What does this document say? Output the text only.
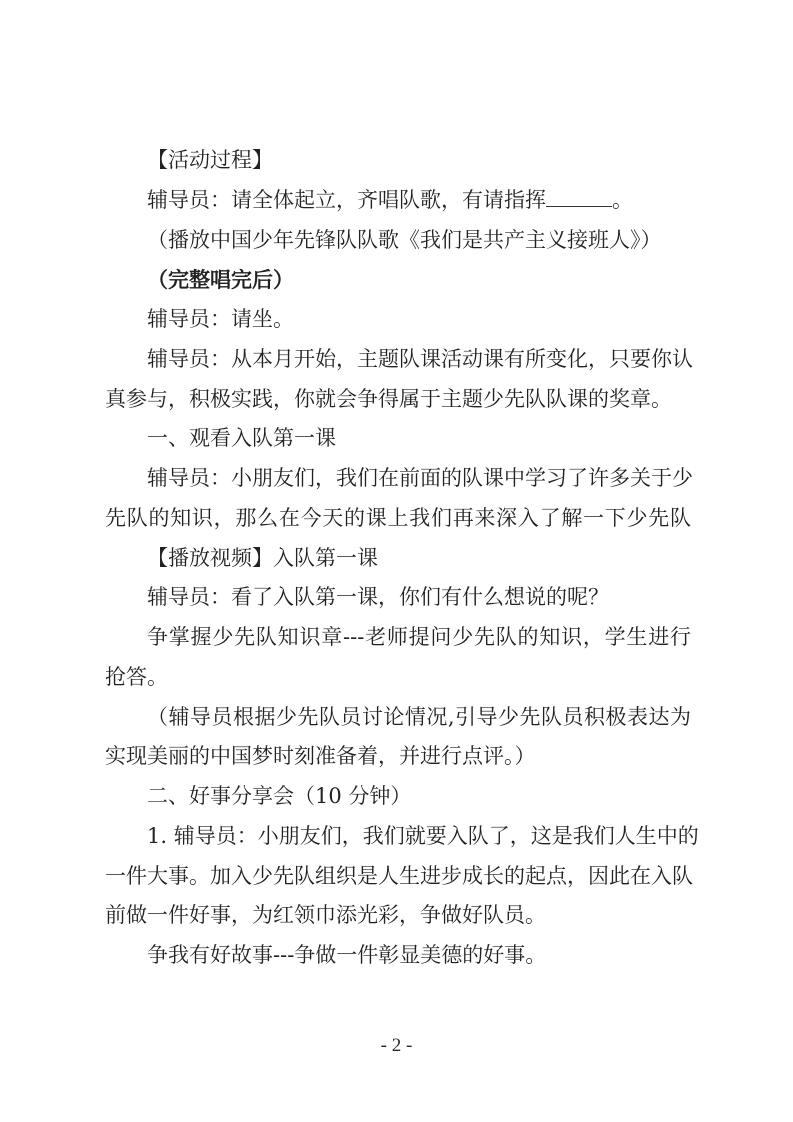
【活动过程】
辅导员：请全体起立，齐唱队歌，有请指挥	。
（播放中国少年先锋队队歌《我们是共产主义接班人》）
（完整唱完后）
辅导员：请坐。
辅导员：从本月开始，主题队课活动课有所变化，只要你认
真参与，积极实践，你就会争得属于主题少先队队课的奖章。
一、观看入队第一课
辅导员：小朋友们，我们在前面的队课中学习了许多关于少
先队的知识，那么在今天的课上我们再来深入了解一下少先队
【播放视频】入队第一课
辅导员：看了入队第一课，你们有什么想说的呢？
争掌握少先队知识章---老师提问少先队的知识，学生进行
抢答。
（辅导员根据少先队员讨论情况,引导少先队员积极表达为
实现美丽的中国梦时刻准备着，并进行点评。）
二、好事分享会（10 分钟）
1. 辅导员：小朋友们，我们就要入队了，这是我们人生中的
一件大事。加入少先队组织是人生进步成长的起点，因此在入队
前做一件好事，为红领巾添光彩，争做好队员。
争我有好故事---争做一件彰显美德的好事。
- 2 -
